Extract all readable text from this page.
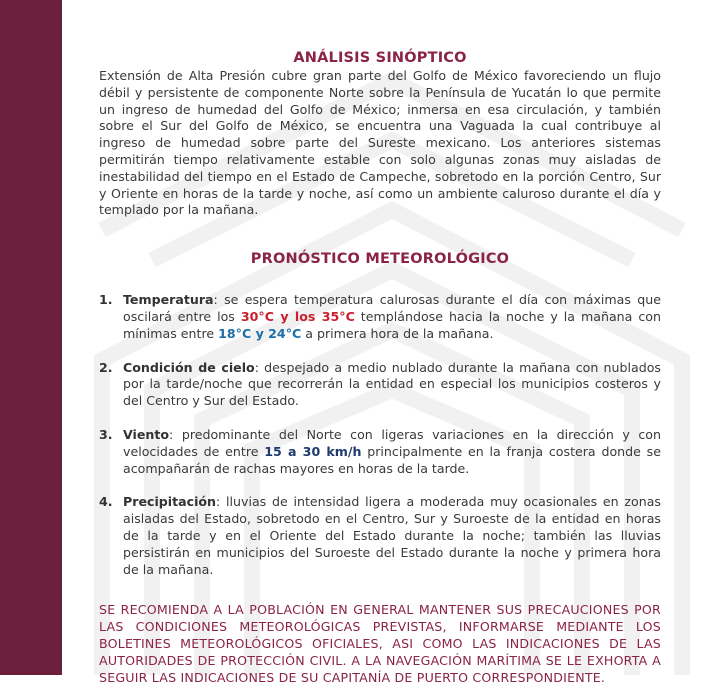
ANÁLISIS SINÓPTICO

Extensión de Alta Presión cubre gran parte del Golfo de México favoreciendo un flujo débil y persistente de componente Norte sobre la Península de Yucatán lo que permite un ingreso de humedad del Golfo de México; inmersa en esa circulación, y también sobre el Sur del Golfo de México, se encuentra una Vaguada la cual contribuye al ingreso de humedad sobre parte del Sureste mexicano. Los anteriores sistemas permitirán tiempo relativamente estable con solo algunas zonas muy aisladas de inestabilidad del tiempo en el Estado de Campeche, sobretodo en la porción Centro, Sur y Oriente en horas de la tarde y noche, así como un ambiente caluroso durante el día y templado por la mañana.

PRONÓSTICO METEOROLÓGICO
1. Temperatura: se espera temperatura calurosas durante el día con máximas que oscilará entre los 30°C y los 35°C templándose hacia la noche y la mañana con mínimas entre 18°C y 24°C a primera hora de la mañana.
2. Condición de cielo: despejado a medio nublado durante la mañana con nublados por la tarde/noche que recorrerán la entidad en especial los municipios costeros y del Centro y Sur del Estado.
3. Viento: predominante del Norte con ligeras variaciones en la dirección y con velocidades de entre 15 a 30 km/h principalmente en la franja costera donde se acompañarán de rachas mayores en horas de la tarde.
4. Precipitación: lluvias de intensidad ligera a moderada muy ocasionales en zonas aisladas del Estado, sobretodo en el Centro, Sur y Suroeste de la entidad en horas de la tarde y en el Oriente del Estado durante la noche; también las lluvias persistirán en municipios del Suroeste del Estado durante la noche y primera hora de la mañana.

SE RECOMIENDA A LA POBLACIÓN EN GENERAL MANTENER SUS PRECAUCIONES POR LAS CONDICIONES METEOROLÓGICAS PREVISTAS, INFORMARSE MEDIANTE LOS BOLETINES METEOROLÓGICOS OFICIALES, ASI COMO LAS INDICACIONES DE LAS AUTORIDADES DE PROTECCIÓN CIVIL. A LA NAVEGACIÓN MARÍTIMA SE LE EXHORTA A SEGUIR LAS INDICACIONES DE SU CAPITANÍA DE PUERTO CORRESPONDIENTE.
